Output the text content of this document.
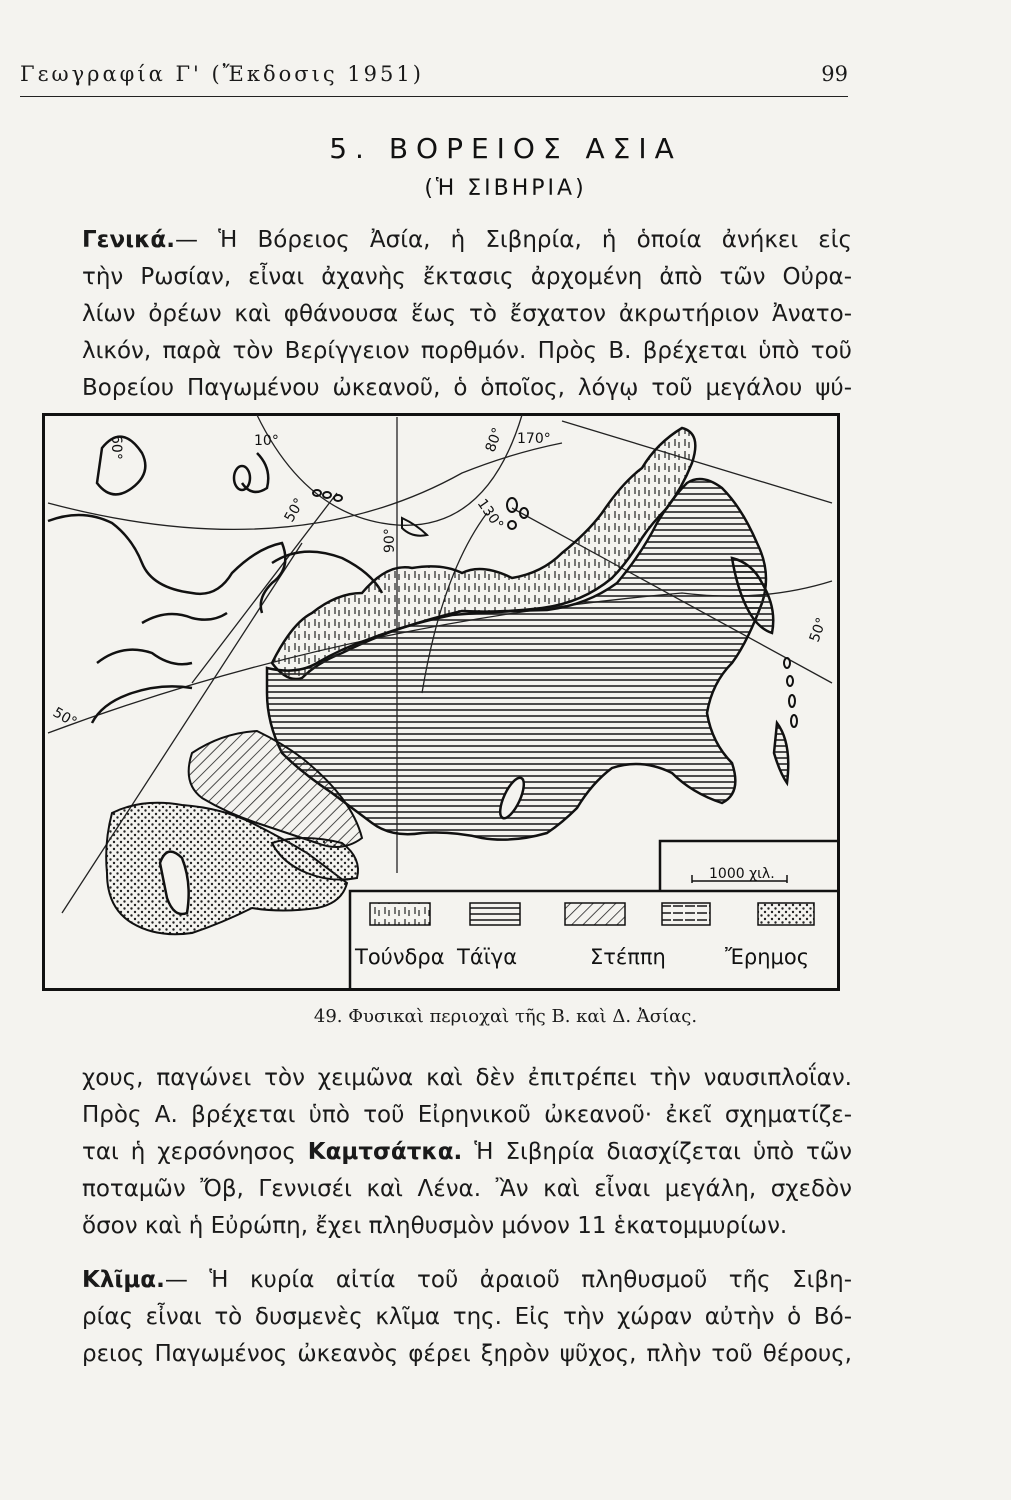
Γεωγραφία Γ' (Ἔκδοσις 1951)	99
5. ΒΟΡΕΙΟΣ ΑΣΙΑ
(Ἡ ΣΙΒΗΡΙΑ)
Γενικά.— Ἡ Βόρειος Ἀσία, ἡ Σιβηρία, ἡ ὁποία ἀνήκει εἰς
τὴν Ρωσίαν, εἶναι ἀχανὴς ἔκτασις ἀρχομένη ἀπὸ τῶν Οὐρα-
λίων ὀρέων καὶ φθάνουσα ἕως τὸ ἔσχατον ἀκρωτήριον Ἀνατο-
λικόν, παρὰ τὸν Βερίγγειον πορθμόν. Πρὸς Β. βρέχεται ὑπὸ τοῦ
Βορείου Παγωμένου ὠκεανοῦ, ὁ ὁποῖος, λόγῳ τοῦ μεγάλου ψύ-
10°	80° 170°
60°
50°	130°
90°
50°
50°
1000 χιλ.
Τούνδρα Τάϊγα	Στέππη	Ἔρημος
49. Φυσικαὶ περιοχαὶ τῆς Β. καὶ Δ. Ἀσίας.
χους, παγώνει τὸν χειμῶνα καὶ δὲν ἐπιτρέπει τὴν ναυσιπλοΐαν.
Πρὸς Α. βρέχεται ὑπὸ τοῦ Εἰρηνικοῦ ὠκεανοῦ· ἐκεῖ σχηματίζε-
ται ἡ χερσόνησος Καμτσάτκα. Ἡ Σιβηρία διασχίζεται ὑπὸ τῶν
ποταμῶν Ὄβ, Γεννισέι καὶ Λένα. Ἂν καὶ εἶναι μεγάλη, σχεδὸν
ὅσον καὶ ἡ Εὐρώπη, ἔχει πληθυσμὸν μόνον 11 ἑκατομμυρίων.
Κλῖμα.— Ἡ κυρία αἰτία τοῦ ἀραιοῦ πληθυσμοῦ τῆς Σιβη-
ρίας εἶναι τὸ δυσμενὲς κλῖμα της. Εἰς τὴν χώραν αὐτὴν ὁ Βό-
ρειος Παγωμένος ὠκεανὸς φέρει ξηρὸν ψῦχος, πλὴν τοῦ θέρους,
